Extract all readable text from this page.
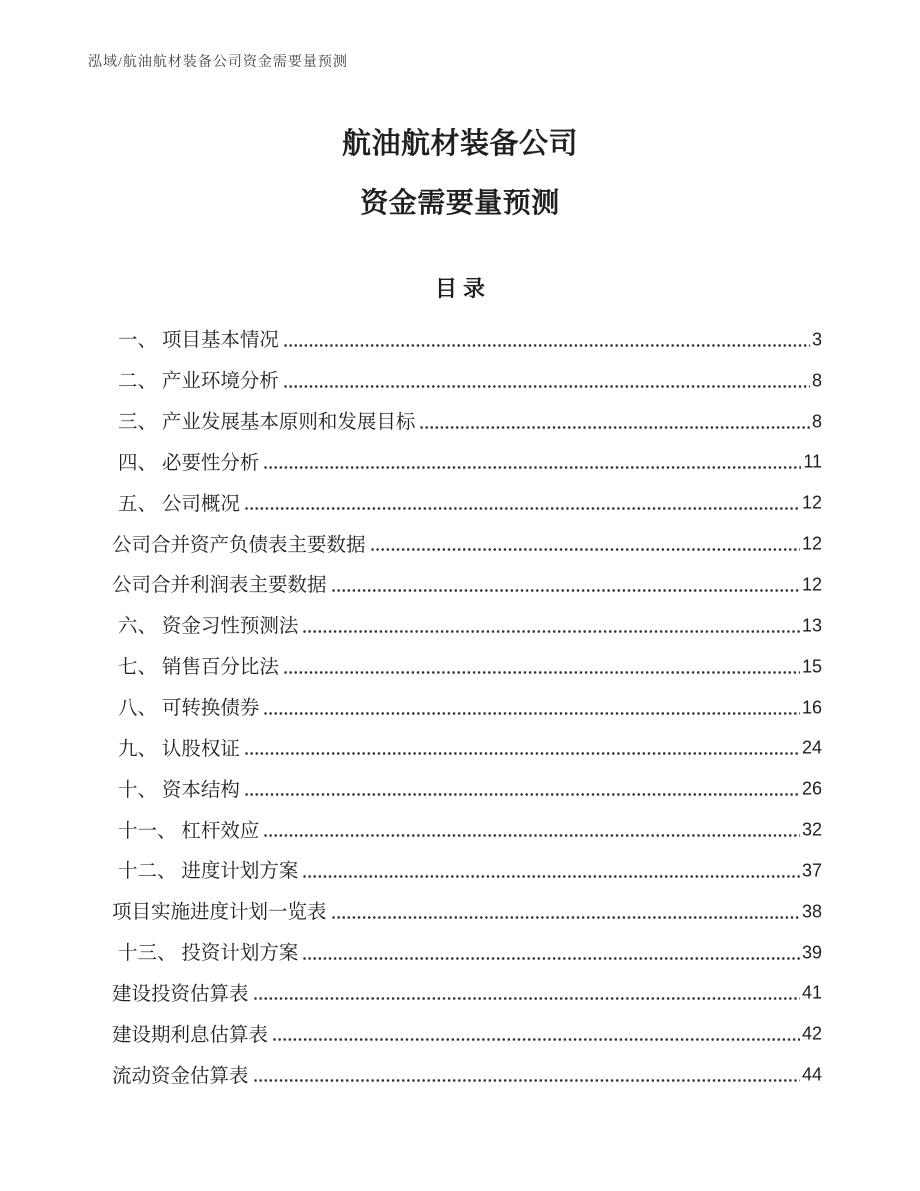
泓域/航油航材装备公司资金需要量预测
航油航材装备公司
资金需要量预测
目录
一、 项目基本情况	3
二、 产业环境分析	8
三、 产业发展基本原则和发展目标	8
四、 必要性分析	11
五、 公司概况	12
公司合并资产负债表主要数据	12
公司合并利润表主要数据	12
六、 资金习性预测法	13
七、 销售百分比法	15
八、 可转换债券	16
九、 认股权证	24
十、 资本结构	26
十一、 杠杆效应	32
十二、 进度计划方案	37
项目实施进度计划一览表	38
十三、 投资计划方案	39
建设投资估算表	41
建设期利息估算表	42
流动资金估算表	44
